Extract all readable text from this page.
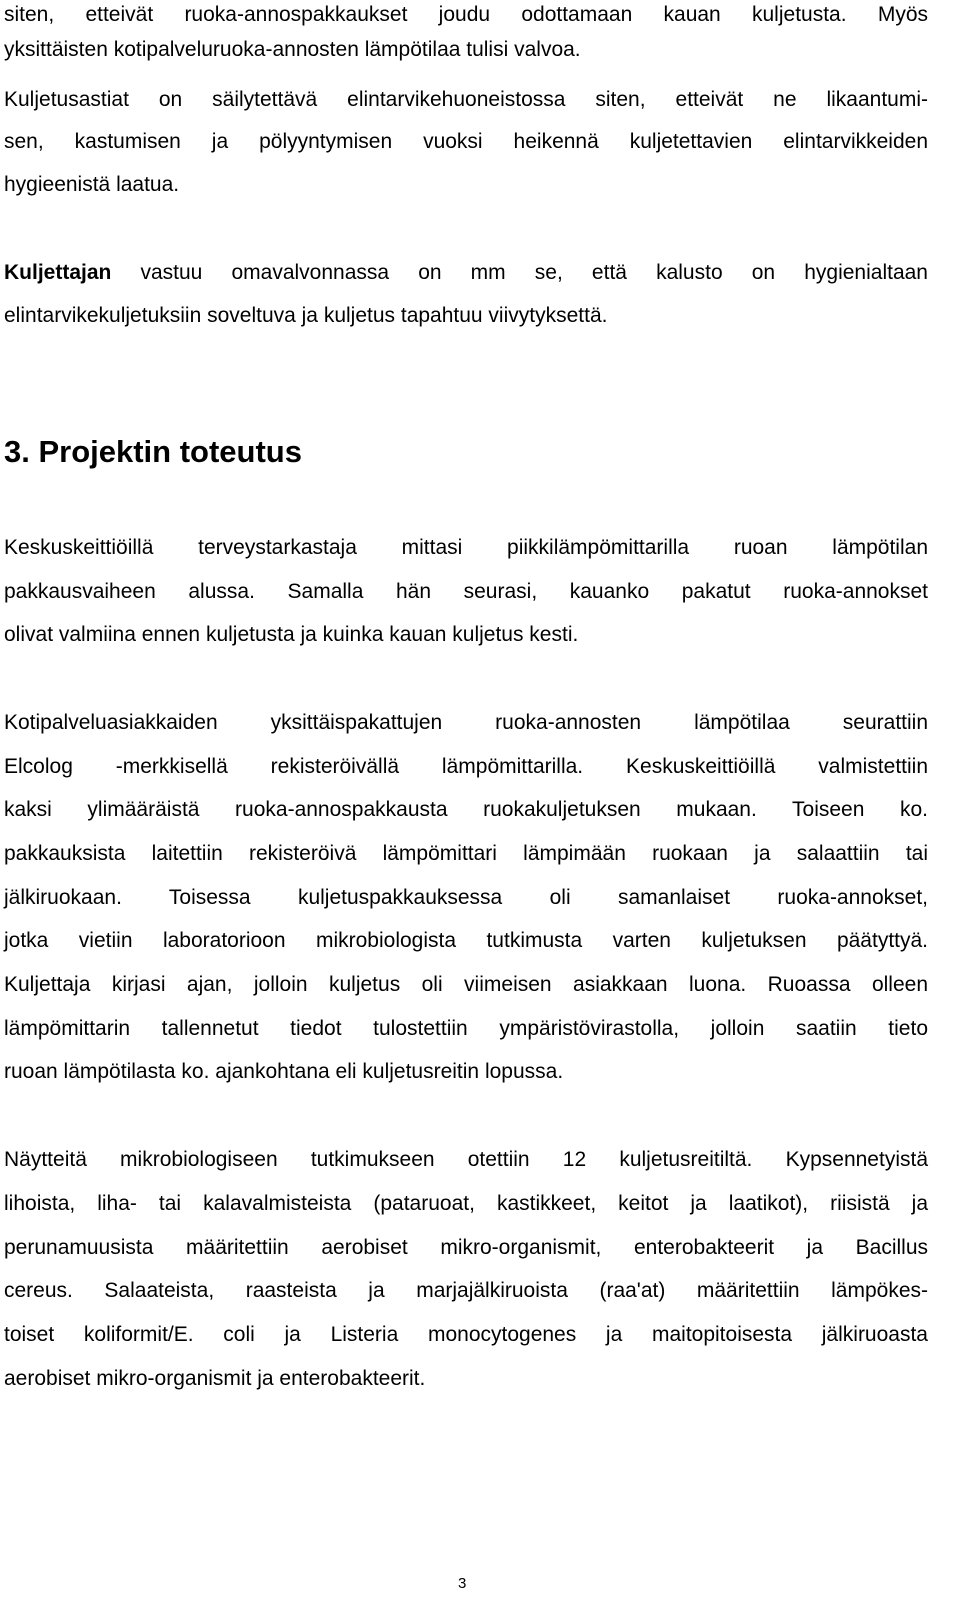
siten, etteivät ruoka-annospakkaukset joudu odottamaan kauan kuljetusta. Myös
yksittäisten kotipalveluruoka-annosten lämpötilaa tulisi valvoa.
Kuljetusastiat on säilytettävä elintarvikehuoneistossa siten, etteivät ne likaantumi-
sen, kastumisen ja pölyyntymisen vuoksi heikennä kuljetettavien elintarvikkeiden
hygieenistä laatua.
Kuljettajan vastuu omavalvonnassa on mm se, että kalusto on hygienialtaan
elintarvikekuljetuksiin soveltuva ja kuljetus tapahtuu viivytyksettä.
3. Projektin toteutus
Keskuskeittiöillä terveystarkastaja mittasi piikkilämpömittarilla ruoan lämpötilan
pakkausvaiheen alussa. Samalla hän seurasi, kauanko pakatut ruoka-annokset
olivat valmiina ennen kuljetusta ja kuinka kauan kuljetus kesti.
Kotipalveluasiakkaiden yksittäispakattujen ruoka-annosten lämpötilaa seurattiin
Elcolog -merkkisellä rekisteröivällä lämpömittarilla. Keskuskeittiöillä valmistettiin
kaksi ylimääräistä ruoka-annospakkausta ruokakuljetuksen mukaan. Toiseen ko.
pakkauksista laitettiin rekisteröivä lämpömittari lämpimään ruokaan ja salaattiin tai
jälkiruokaan. Toisessa kuljetuspakkauksessa oli samanlaiset ruoka-annokset,
jotka vietiin laboratorioon mikrobiologista tutkimusta varten kuljetuksen päätyttyä.
Kuljettaja kirjasi ajan, jolloin kuljetus oli viimeisen asiakkaan luona. Ruoassa olleen
lämpömittarin tallennetut tiedot tulostettiin ympäristövirastolla, jolloin saatiin tieto
ruoan lämpötilasta ko. ajankohtana eli kuljetusreitin lopussa.
Näytteitä mikrobiologiseen tutkimukseen otettiin 12 kuljetusreitiltä. Kypsennetyistä
lihoista, liha- tai kalavalmisteista (pataruoat, kastikkeet, keitot ja laatikot), riisistä ja
perunamuusista määritettiin aerobiset mikro-organismit, enterobakteerit ja Bacillus
cereus. Salaateista, raasteista ja marjajälkiruoista (raa'at) määritettiin lämpökes-
toiset koliformit/E. coli ja Listeria monocytogenes ja maitopitoisesta jälkiruoasta
aerobiset mikro-organismit ja enterobakteerit.
3
